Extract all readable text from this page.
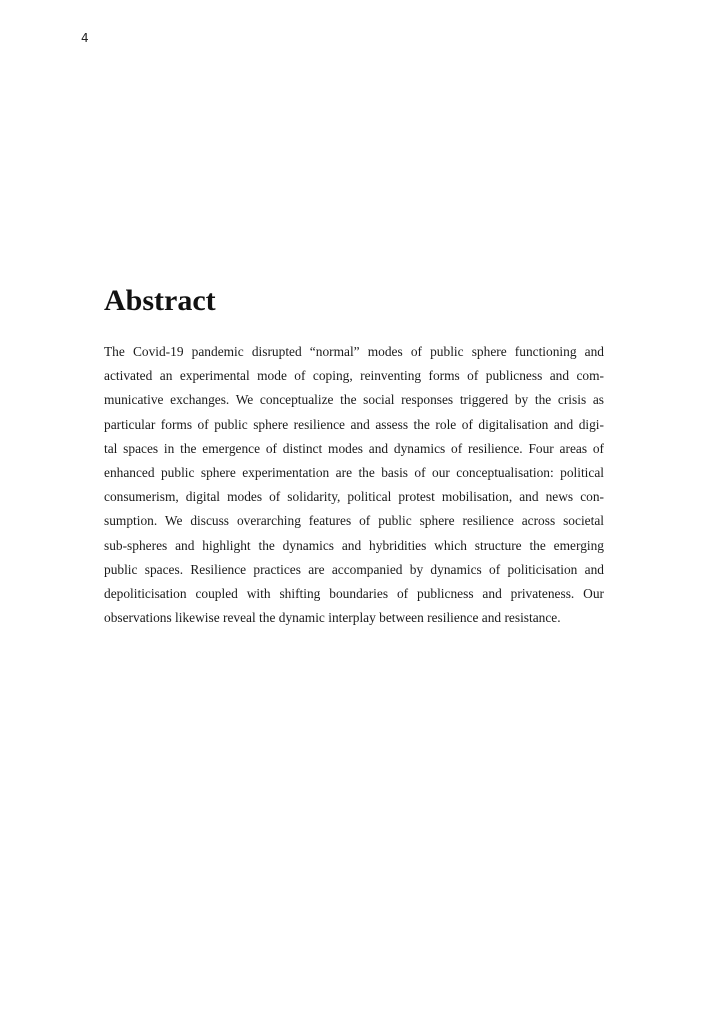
4
Abstract
The Covid-19 pandemic disrupted “normal” modes of public sphere functioning and
activated an experimental mode of coping, reinventing forms of publicness and com-
municative exchanges. We conceptualize the social responses triggered by the crisis as
particular forms of public sphere resilience and assess the role of digitalisation and digi-
tal spaces in the emergence of distinct modes and dynamics of resilience. Four areas of
enhanced public sphere experimentation are the basis of our conceptualisation: political
consumerism, digital modes of solidarity, political protest mobilisation, and news con-
sumption. We discuss overarching features of public sphere resilience across societal
sub-spheres and highlight the dynamics and hybridities which structure the emerging
public spaces. Resilience practices are accompanied by dynamics of politicisation and
depoliticisation coupled with shifting boundaries of publicness and privateness. Our
observations likewise reveal the dynamic interplay between resilience and resistance.
